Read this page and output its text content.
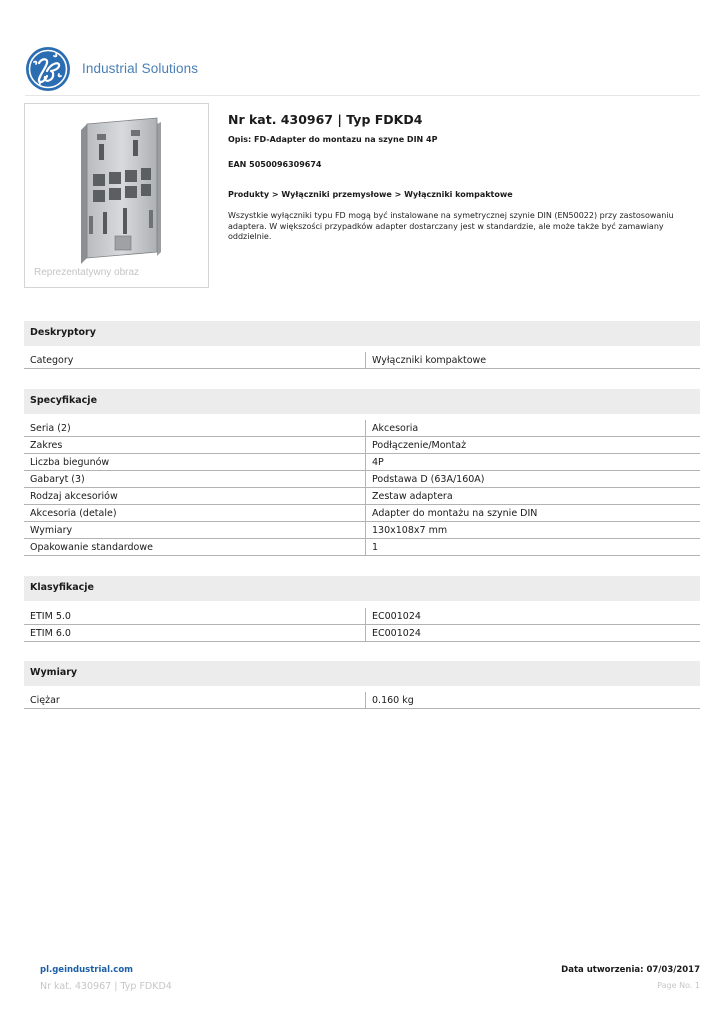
Industrial Solutions
Reprezentatywny obraz
Nr kat. 430967 | Typ FDKD4
Opis: FD-Adapter do montazu na szyne DIN 4P
EAN 5050096309674
Produkty > Wyłączniki przemysłowe > Wyłączniki kompaktowe
Wszystkie wyłączniki typu FD mogą być instalowane na symetrycznej szynie DIN (EN50022) przy zastosowaniu adaptera. W większości przypadków adapter dostarczany jest w standardzie, ale może także być zamawiany oddzielnie.
Deskryptory
Category	Wyłączniki kompaktowe
Specyfikacje
Seria (2)	Akcesoria
Zakres	Podłączenie/Montaż
Liczba biegunów	4P
Gabaryt (3)	Podstawa D (63A/160A)
Rodzaj akcesoriów	Zestaw adaptera
Akcesoria (detale)	Adapter do montażu na szynie DIN
Wymiary	130x108x7 mm
Opakowanie standardowe	1
Klasyfikacje
ETIM 5.0	EC001024
ETIM 6.0	EC001024
Wymiary
Ciężar	0.160 kg
pl.geindustrial.com	Data utworzenia: 07/03/2017
Nr kat. 430967 | Typ FDKD4	Page No. 1
